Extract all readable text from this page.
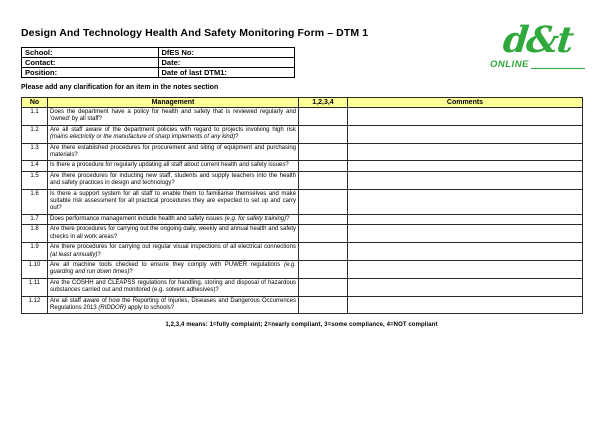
Design And Technology Health And Safety Monitoring Form – DTM 1	d&t
ONLINE
School:	DfES No:
Contact:	Date:
Position:	Date of last DTM1:
Please add any clarification for an item in the notes section
No	Management	1,2,3,4	Comments
1.1	Does the department have a policy for health and safety that is reviewed regularly and 'owned' by all staff?		
1.2	Are all staff aware of the department policies with regard to projects involving high risk (mains electricity or the manufacture of sharp implements of any kind)?		
1.3	Are there established procedures for procurement and siting of equipment and purchasing materials?		
1.4	Is there a procedure for regularly updating all staff about current health and safety issues?		
1.5	Are there procedures for inducting new staff, students and supply teachers into the health and safety practices in design and technology?		
1.6	Is there a support system for all staff to enable them to familiarise themselves and make suitable risk assessment for all practical procedures they are expected to set up and carry out?		
1.7	Does performance management include health and safety issues (e.g. for safety training)?		
1.8	Are there procedures for carrying out the ongoing daily, weekly and annual health and safety checks in all work areas?		
1.9	Are there procedures for carrying out regular visual inspections of all electrical connections (at least annually)?		
1.10	Are all machine tools checked to ensure they comply with PUWER regulations (e.g. guarding and run down times)?		
1.11	Are the COSHH and CLEAPSS regulations for handling, storing and disposal of hazardous substances carried out and monitored (e.g. solvent adhesives)?		
1.12	Are all staff aware of how the Reporting of Injuries, Diseases and Dangerous Occurrences Regulations 2013 (RIDDOR) apply to schools?		
1,2,3,4 means: 1=fully complaint; 2=nearly compliant, 3=some compliance, 4=NOT compliant
